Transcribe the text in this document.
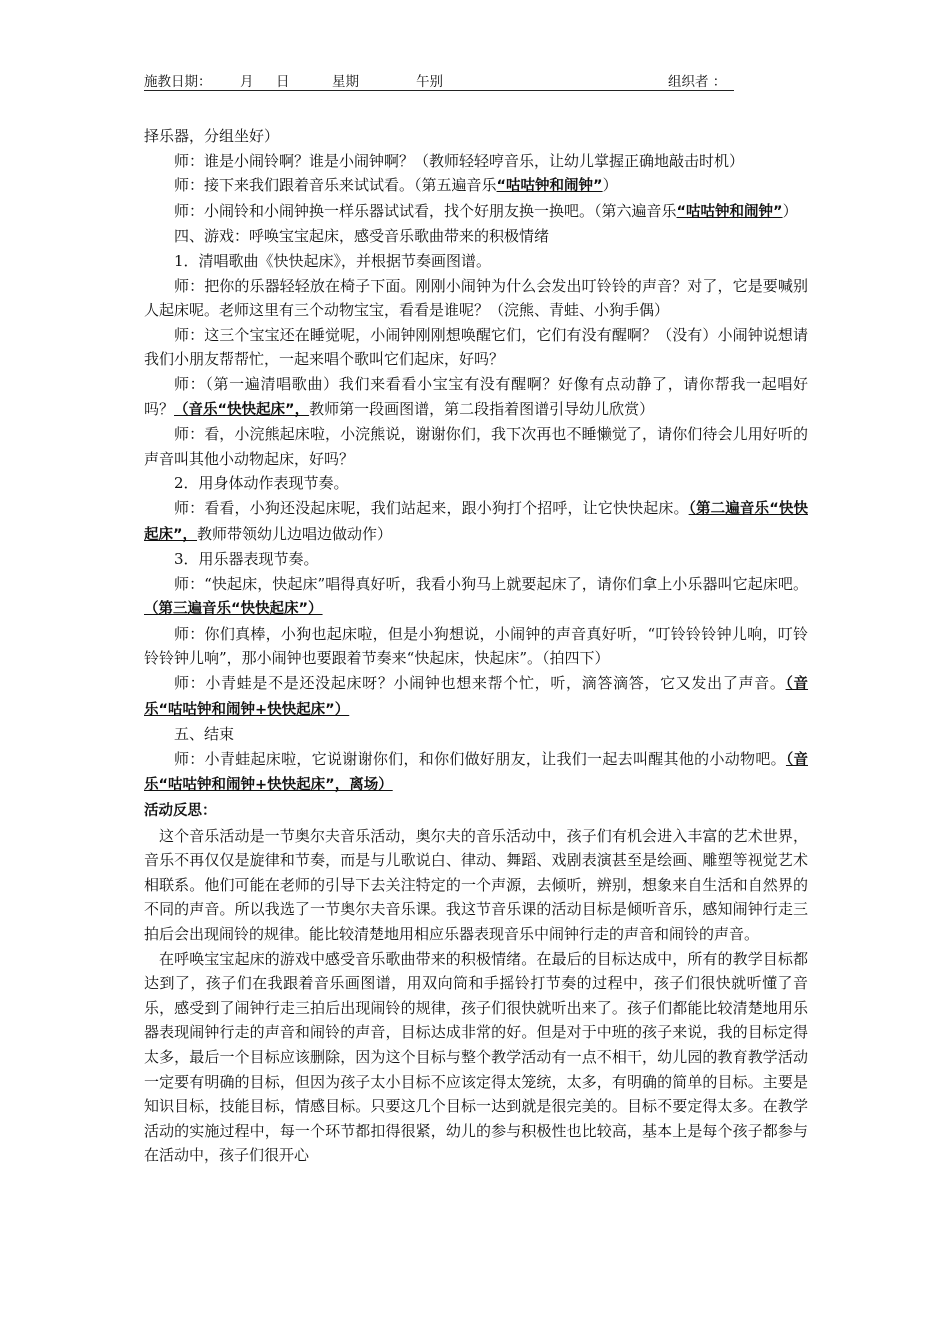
施教日期： 月 日	星期	午别	组织者 ：

择乐器，分组坐好）

师：谁是小闹铃啊？谁是小闹钟啊？（教师轻轻哼音乐，让幼儿掌握正确地敲击时机）

师：接下来我们跟着音乐来试试看。（第五遍音乐“咕咕钟和闹钟”）

师：小闹铃和小闹钟换一样乐器试试看，找个好朋友换一换吧。（第六遍音乐“咕咕钟和闹钟”）

四、游戏：呼唤宝宝起床，感受音乐歌曲带来的积极情绪

1．清唱歌曲《快快起床》，并根据节奏画图谱。

师：把你的乐器轻轻放在椅子下面。刚刚小闹钟为什么会发出叮铃铃的声音？对了，它是要喊别人起床呢。老师这里有三个动物宝宝，看看是谁呢？（浣熊、青蛙、小狗手偶）

师：这三个宝宝还在睡觉呢，小闹钟刚刚想唤醒它们，它们有没有醒啊？（没有）小闹钟说想请我们小朋友帮帮忙，一起来唱个歌叫它们起床，好吗？

师：（第一遍清唱歌曲）我们来看看小宝宝有没有醒啊？好像有点动静了，请你帮我一起唱好吗？（音乐“快快起床”，教师第一段画图谱，第二段指着图谱引导幼儿欣赏）

师：看，小浣熊起床啦，小浣熊说，谢谢你们，我下次再也不睡懒觉了，请你们待会儿用好听的声音叫其他小动物起床，好吗？

2．用身体动作表现节奏。

师：看看，小狗还没起床呢，我们站起来，跟小狗打个招呼，让它快快起床。（第二遍音乐“快快起床”，教师带领幼儿边唱边做动作）

3．用乐器表现节奏。

师：“快起床，快起床”唱得真好听，我看小狗马上就要起床了，请你们拿上小乐器叫它起床吧。（第三遍音乐“快快起床”）

师：你们真棒，小狗也起床啦，但是小狗想说，小闹钟的声音真好听，“叮铃铃铃钟儿响，叮铃铃铃钟儿响”，那小闹钟也要跟着节奏来“快起床，快起床”。（拍四下）

师：小青蛙是不是还没起床呀？小闹钟也想来帮个忙，听，滴答滴答，它又发出了声音。（音乐“咕咕钟和闹钟+快快起床”）

五、结束

师：小青蛙起床啦，它说谢谢你们，和你们做好朋友，让我们一起去叫醒其他的小动物吧。（音乐“咕咕钟和闹钟+快快起床”，离场）

活动反思：

这个音乐活动是一节奥尔夫音乐活动，奥尔夫的音乐活动中，孩子们有机会进入丰富的艺术世界，音乐不再仅仅是旋律和节奏，而是与儿歌说白、律动、舞蹈、戏剧表演甚至是绘画、雕塑等视觉艺术相联系。他们可能在老师的引导下去关注特定的一个声源，去倾听，辨别，想象来自生活和自然界的不同的声音。所以我选了一节奥尔夫音乐课。我这节音乐课的活动目标是倾听音乐，感知闹钟行走三拍后会出现闹铃的规律。能比较清楚地用相应乐器表现音乐中闹钟行走的声音和闹铃的声音。

在呼唤宝宝起床的游戏中感受音乐歌曲带来的积极情绪。在最后的目标达成中，所有的教学目标都达到了，孩子们在我跟着音乐画图谱，用双向筒和手摇铃打节奏的过程中，孩子们很快就听懂了音乐，感受到了闹钟行走三拍后出现闹铃的规律，孩子们很快就听出来了。孩子们都能比较清楚地用乐器表现闹钟行走的声音和闹铃的声音，目标达成非常的好。但是对于中班的孩子来说，我的目标定得太多，最后一个目标应该删除，因为这个目标与整个教学活动有一点不相干，幼儿园的教育教学活动一定要有明确的目标，但因为孩子太小目标不应该定得太笼统，太多，有明确的简单的目标。主要是知识目标，技能目标，情感目标。只要这几个目标一达到就是很完美的。目标不要定得太多。在教学活动的实施过程中，每一个环节都扣得很紧，幼儿的参与积极性也比较高，基本上是每个孩子都参与在活动中，孩子们很开心
